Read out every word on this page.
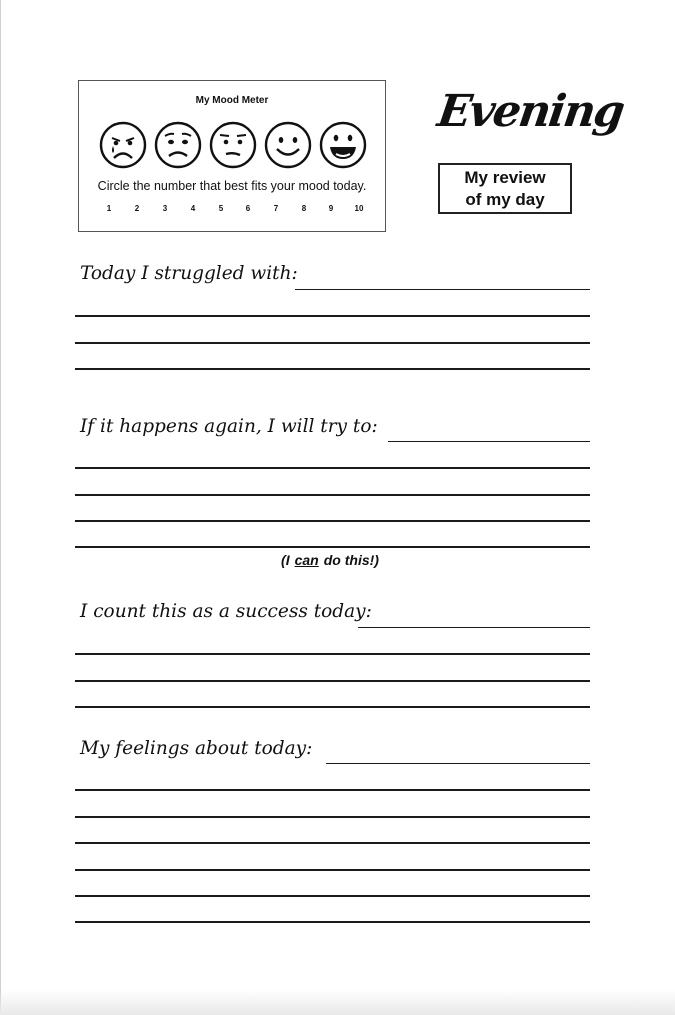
My Mood Meter
Circle the number that best fits your mood today.
1	2	3	4	5	6	7	8	9	10
Evening
My review
of my day
Today I struggled with:
If it happens again, I will try to:
(I can do this!)
I count this as a success today:
My feelings about today:
